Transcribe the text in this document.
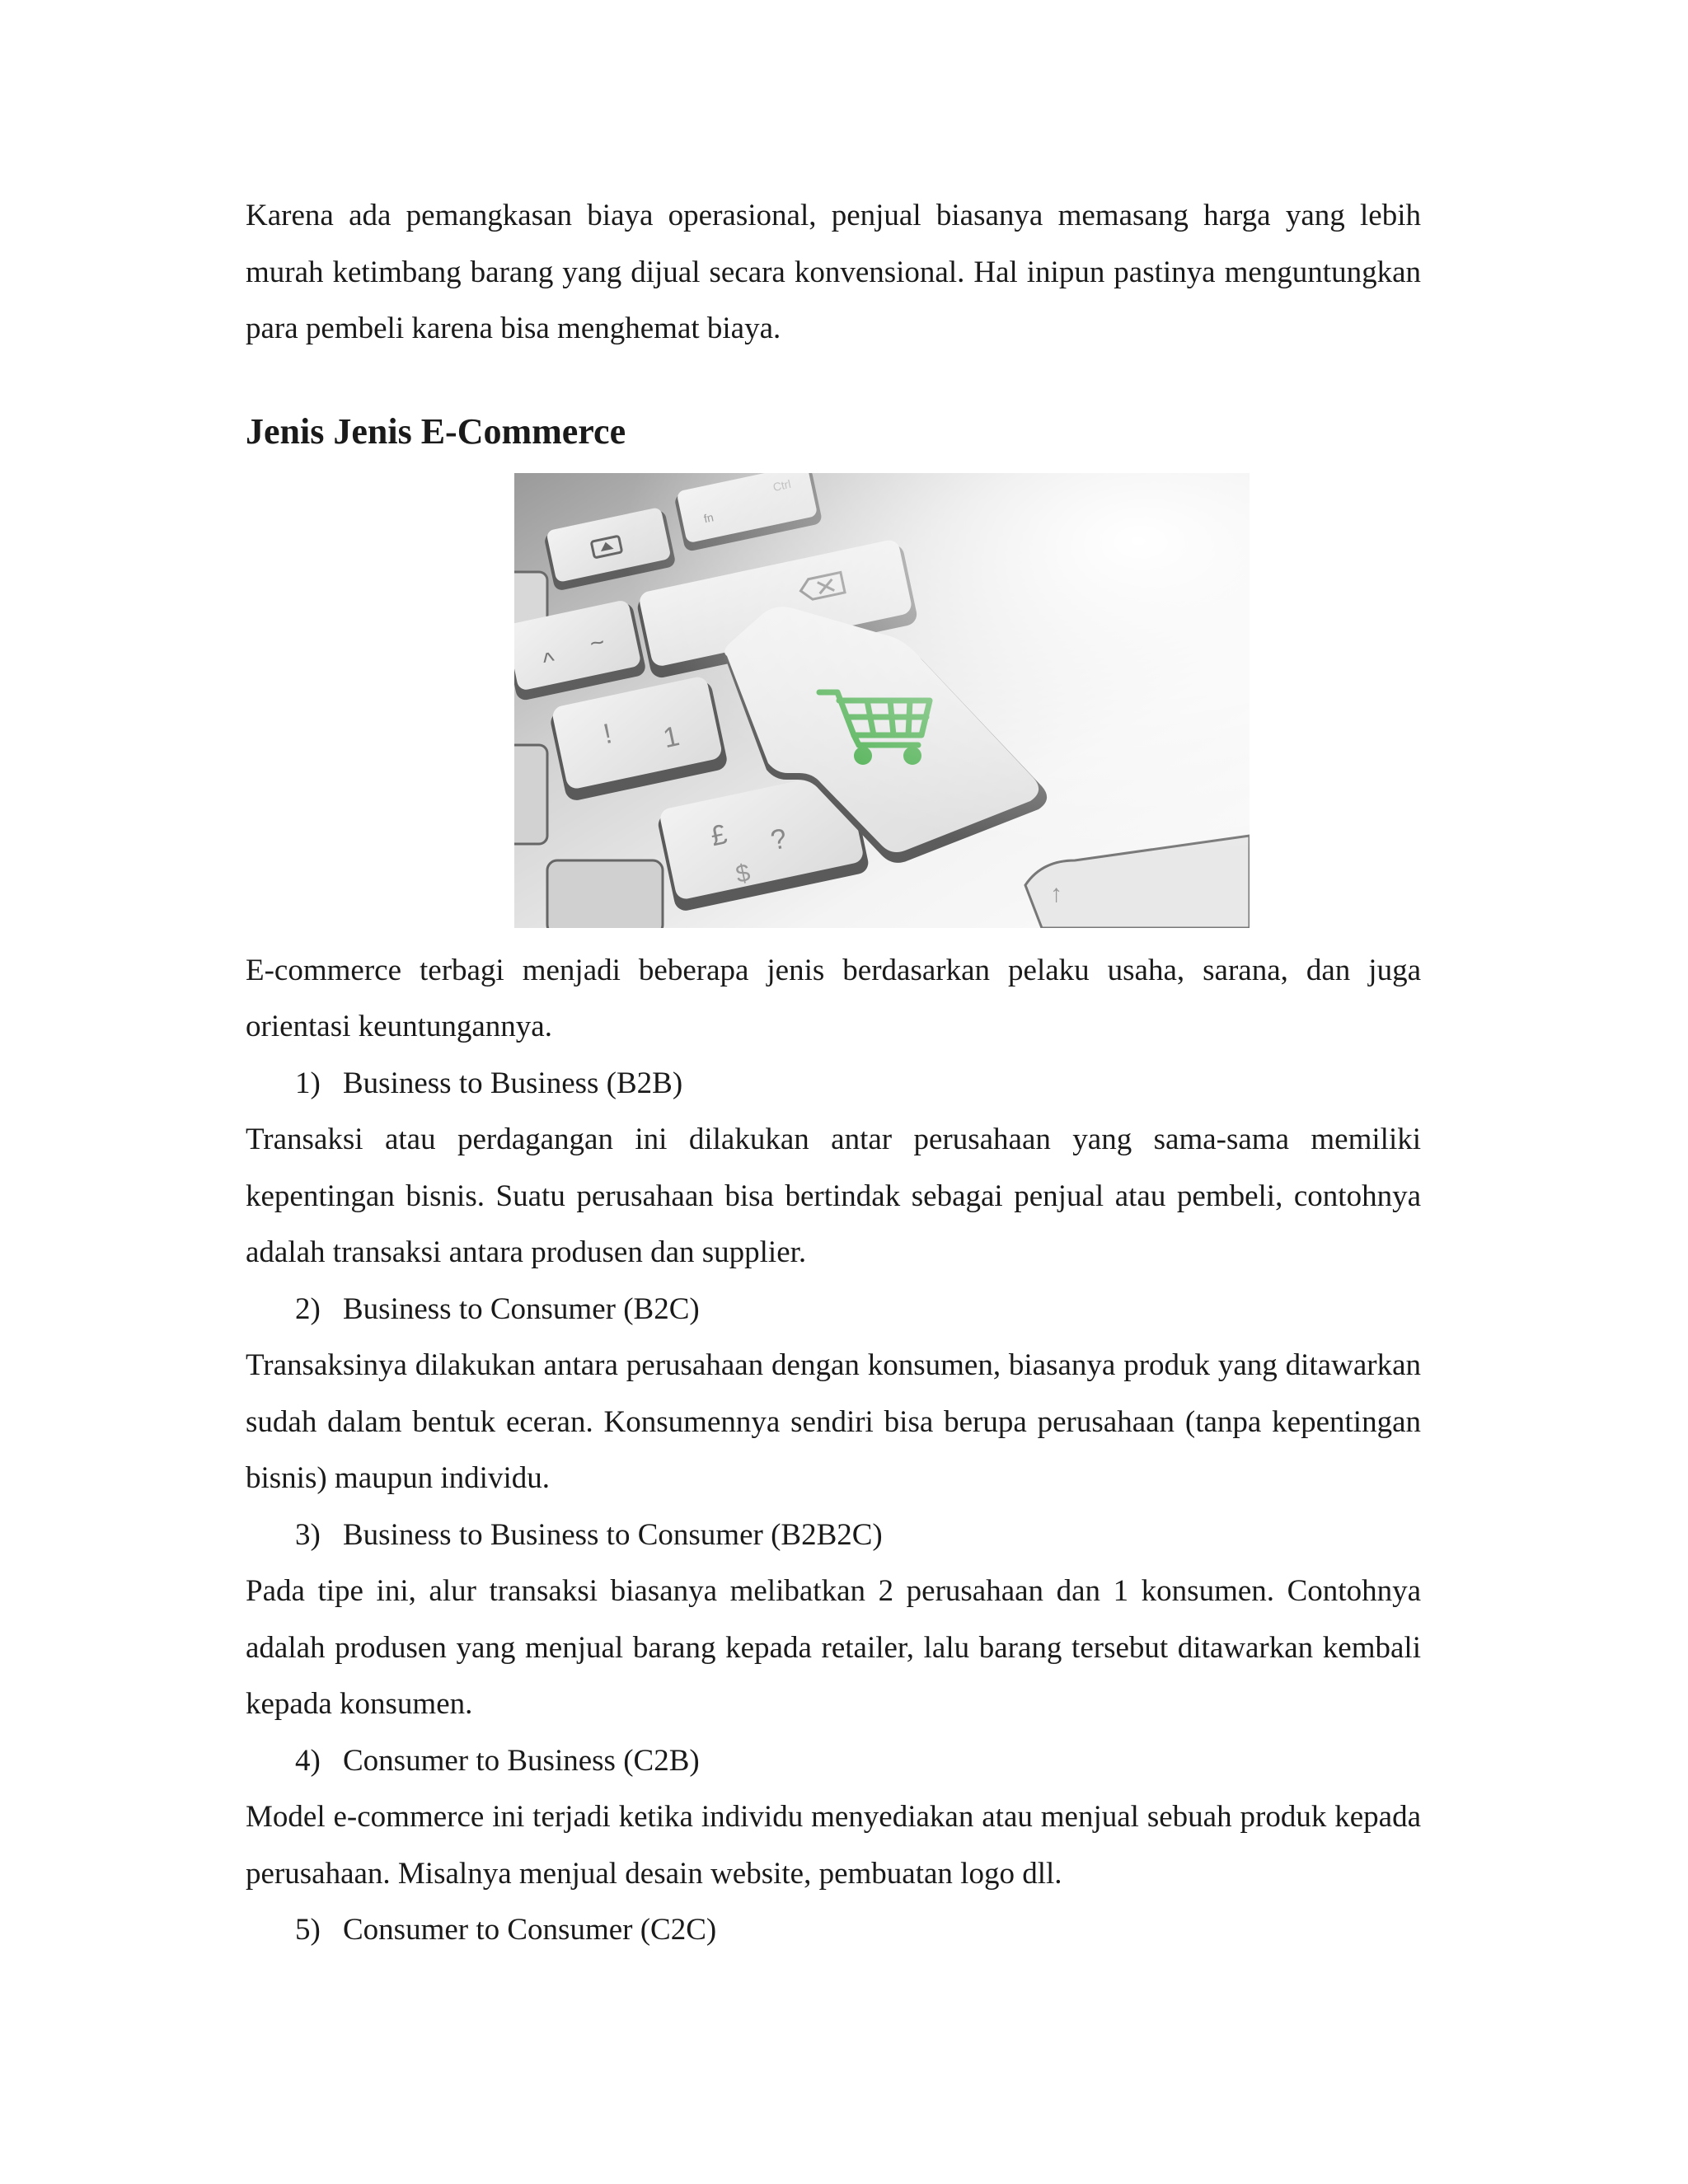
Karena ada pemangkasan biaya operasional, penjual biasanya memasang harga yang lebih murah ketimbang barang yang dijual secara konvensional. Hal inipun pastinya menguntungkan para pembeli karena bisa menghemat biaya.

Jenis Jenis E-Commerce

E-commerce terbagi menjadi beberapa jenis berdasarkan pelaku usaha, sarana, dan juga orientasi keuntungannya.

1) Business to Business (B2B)

Transaksi atau perdagangan ini dilakukan antar perusahaan yang sama-sama memiliki kepentingan bisnis. Suatu perusahaan bisa bertindak sebagai penjual atau pembeli, contohnya adalah transaksi antara produsen dan supplier.

2) Business to Consumer (B2C)

Transaksinya dilakukan antara perusahaan dengan konsumen, biasanya produk yang ditawarkan sudah dalam bentuk eceran. Konsumennya sendiri bisa berupa perusahaan (tanpa kepentingan bisnis) maupun individu.

3) Business to Business to Consumer (B2B2C)

Pada tipe ini, alur transaksi biasanya melibatkan 2 perusahaan dan 1 konsumen. Contohnya adalah produsen yang menjual barang kepada retailer, lalu barang tersebut ditawarkan kembali kepada konsumen.

4) Consumer to Business (C2B)

Model e-commerce ini terjadi ketika individu menyediakan atau menjual sebuah produk kepada perusahaan. Misalnya menjual desain website, pembuatan logo dll.

5) Consumer to Consumer (C2C)
